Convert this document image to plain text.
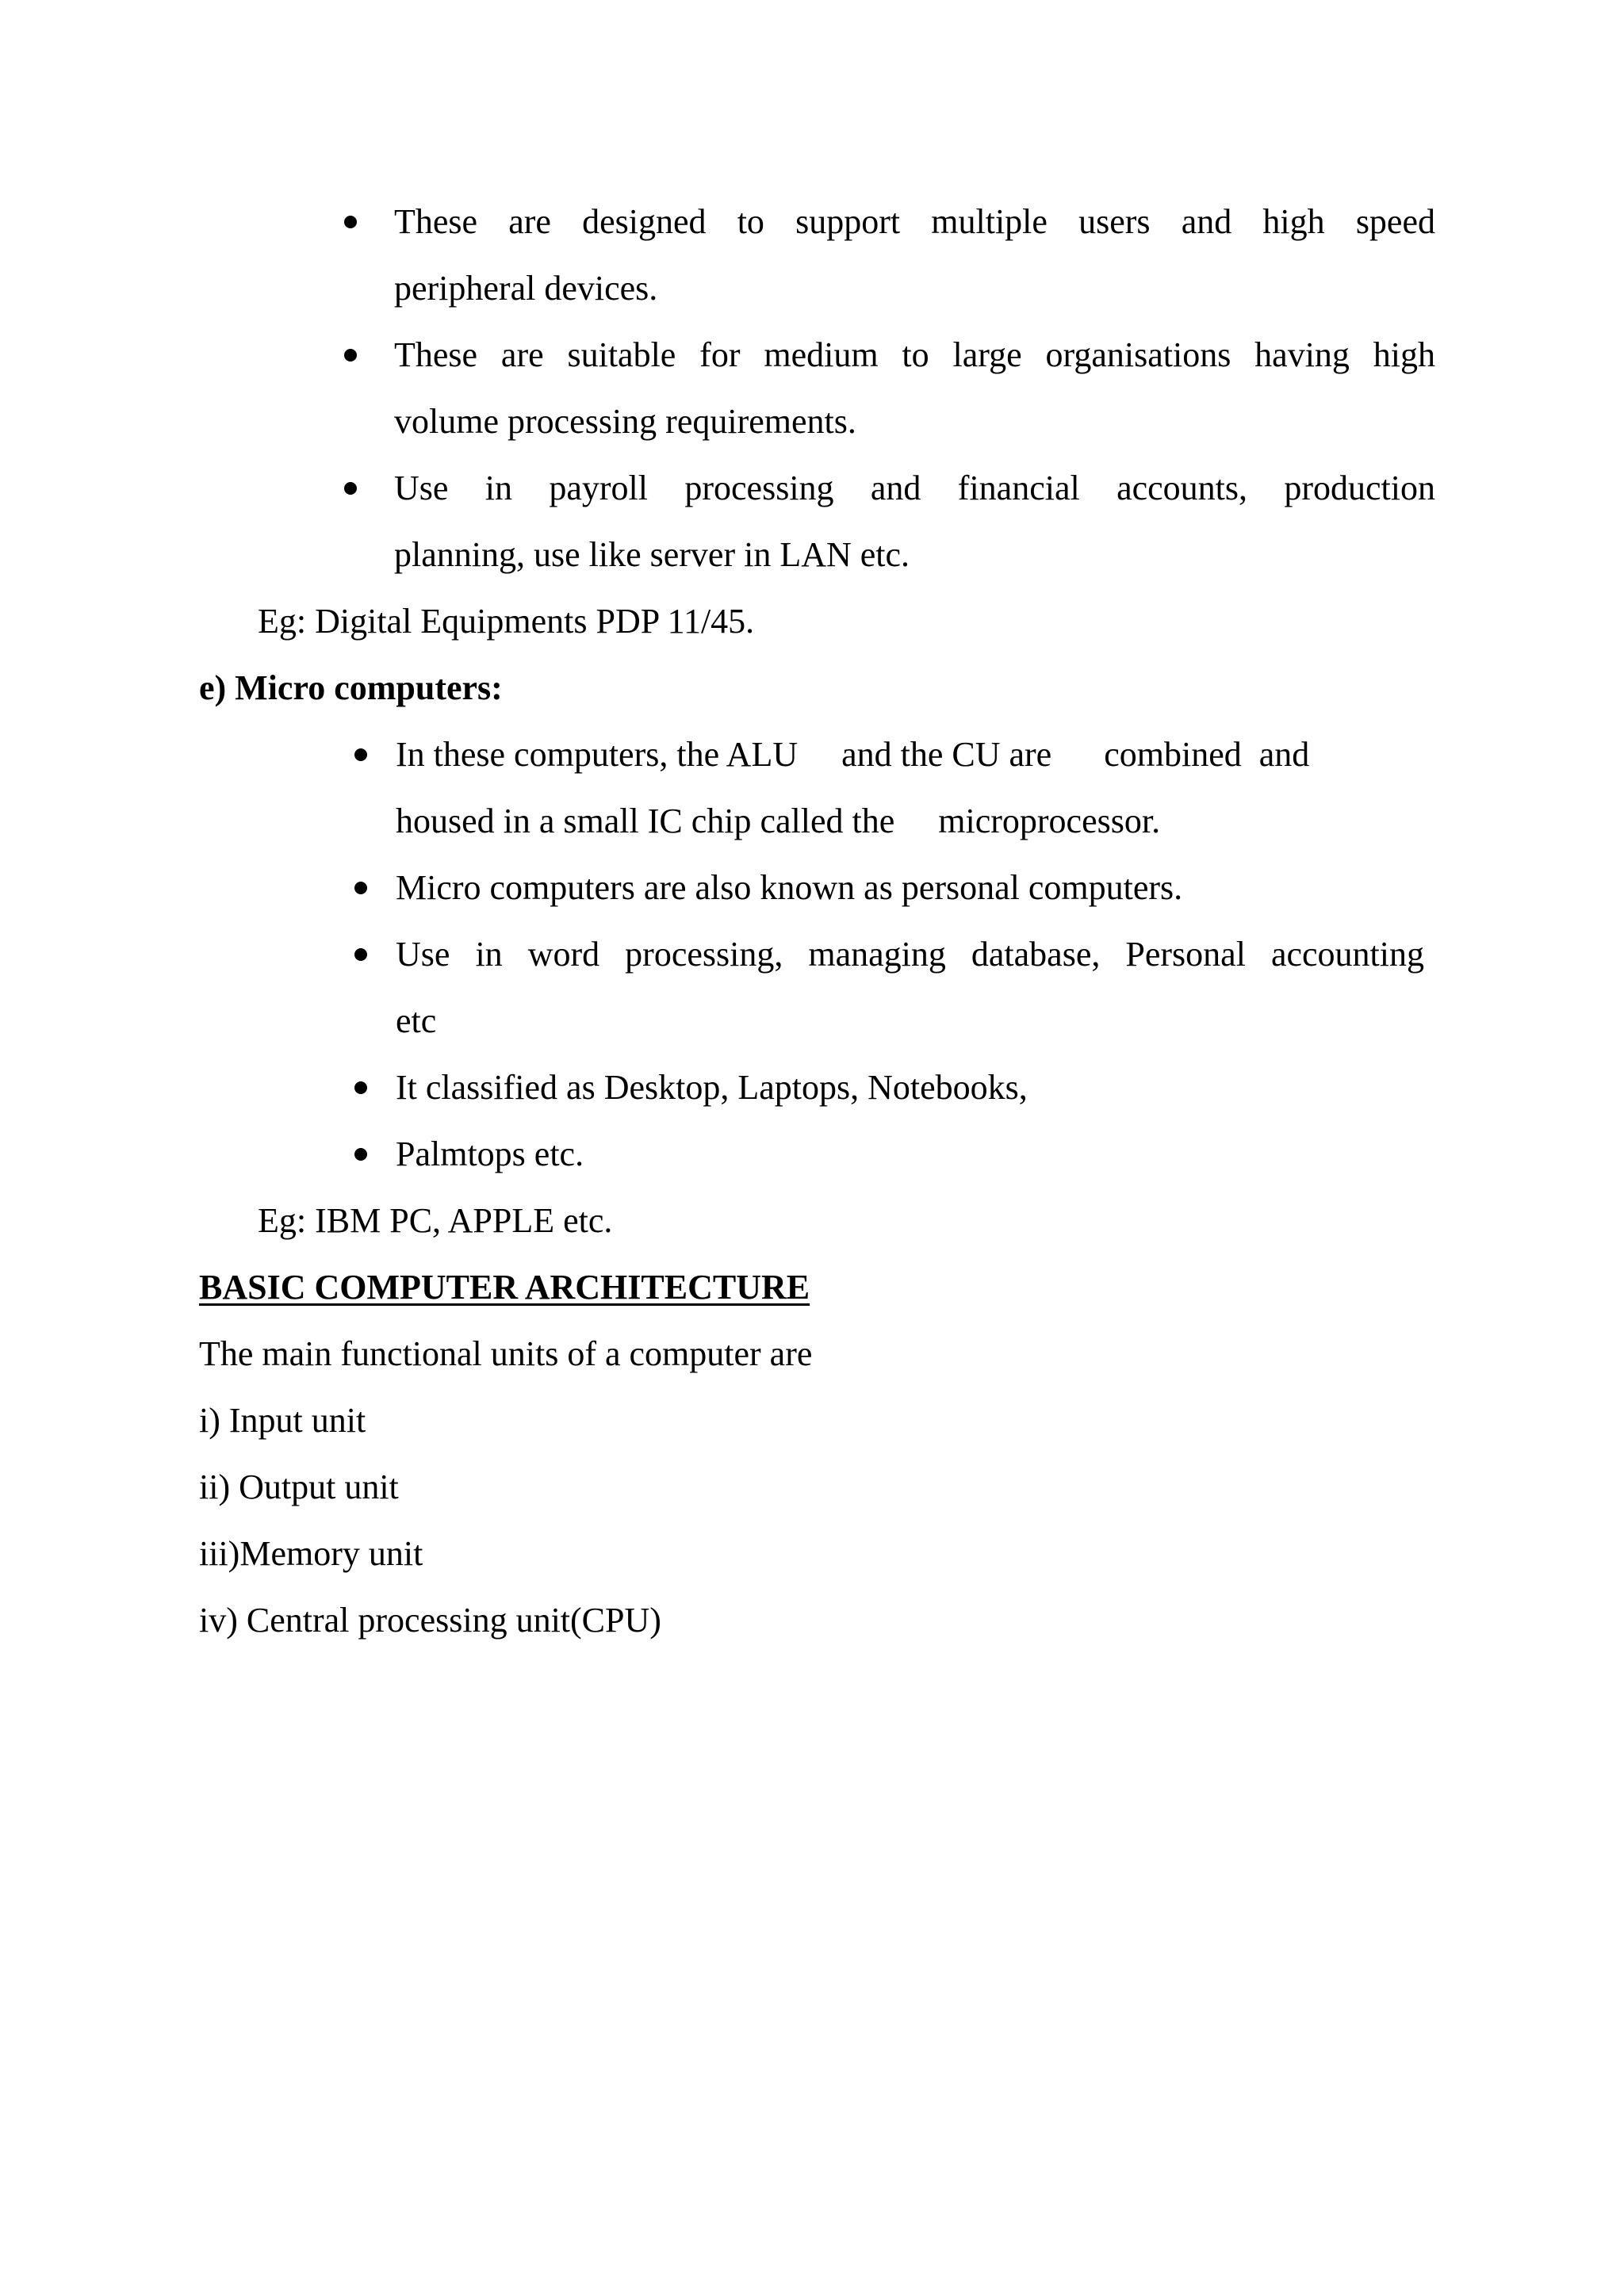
These are designed to support multiple users and high speed
peripheral devices.
These are suitable for medium to large organisations having high
volume processing requirements.
Use in payroll processing and financial accounts, production
planning, use like server in LAN etc.
Eg: Digital Equipments PDP 11/45.
e) Micro computers:
In these computers, the ALU     and the CU are      combined  and
housed in a small IC chip called the     microprocessor.
Micro computers are also known as personal computers.
Use in word processing, managing database, Personal accounting
etc
It classified as Desktop, Laptops, Notebooks,
Palmtops etc.
Eg: IBM PC, APPLE etc.
BASIC COMPUTER ARCHITECTURE
The main functional units of a computer are
i) Input unit
ii) Output unit
iii)Memory unit
iv) Central processing unit(CPU)
